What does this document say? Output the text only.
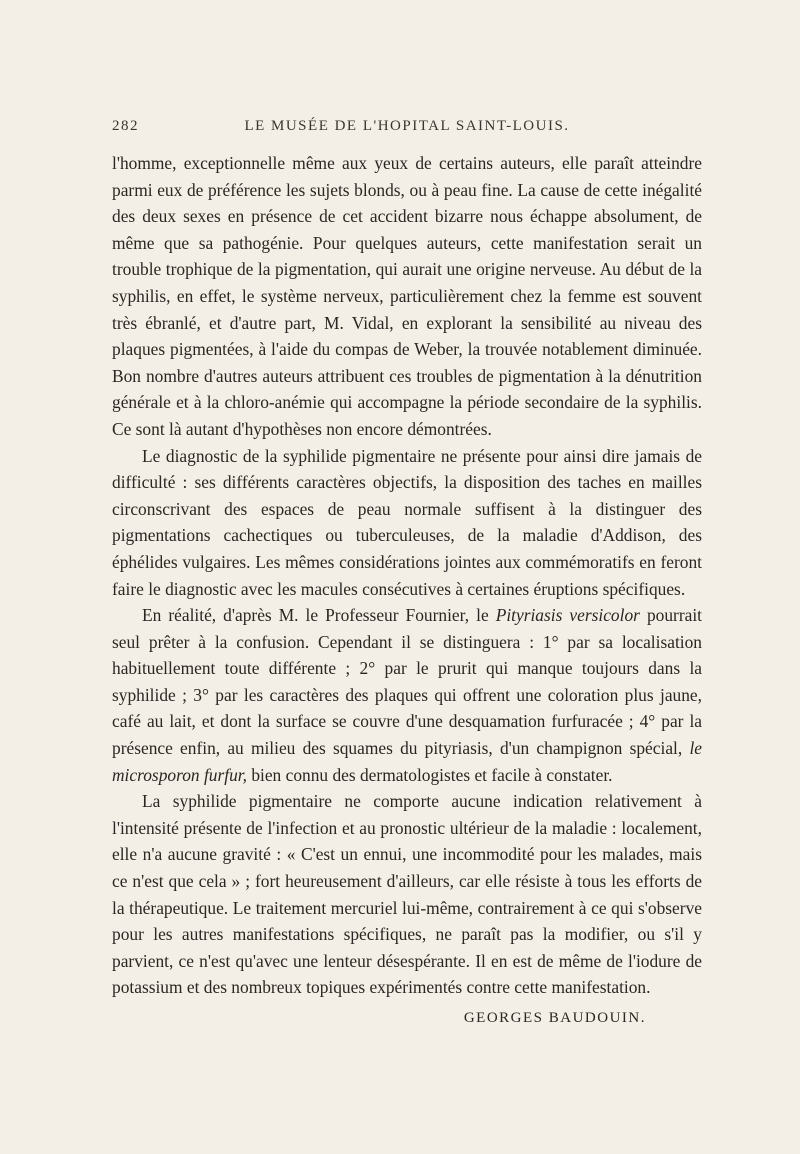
282	LE MUSÉE DE L'HOPITAL SAINT-LOUIS.

l'homme, exceptionnelle même aux yeux de certains auteurs, elle paraît atteindre parmi eux de préférence les sujets blonds, ou à peau fine. La cause de cette inégalité des deux sexes en présence de cet accident bizarre nous échappe absolument, de même que sa pathogénie. Pour quelques auteurs, cette manifestation serait un trouble trophique de la pigmentation, qui aurait une origine nerveuse. Au début de la syphilis, en effet, le système nerveux, particulièrement chez la femme est souvent très ébranlé, et d'autre part, M. Vidal, en explorant la sensibilité au niveau des plaques pigmentées, à l'aide du compas de Weber, la trouvée notablement diminuée. Bon nombre d'autres auteurs attribuent ces troubles de pigmentation à la dénutrition générale et à la chloro-anémie qui accompagne la période secondaire de la syphilis. Ce sont là autant d'hypothèses non encore démontrées.

Le diagnostic de la syphilide pigmentaire ne présente pour ainsi dire jamais de difficulté : ses différents caractères objectifs, la disposition des taches en mailles circonscrivant des espaces de peau normale suffisent à la distinguer des pigmentations cachectiques ou tuberculeuses, de la maladie d'Addison, des éphélides vulgaires. Les mêmes considérations jointes aux commémoratifs en feront faire le diagnostic avec les macules consécutives à certaines éruptions spécifiques.

En réalité, d'après M. le Professeur Fournier, le Pityriasis versicolor pourrait seul prêter à la confusion. Cependant il se distinguera : 1° par sa localisation habituellement toute différente ; 2° par le prurit qui manque toujours dans la syphilide ; 3° par les caractères des plaques qui offrent une coloration plus jaune, café au lait, et dont la surface se couvre d'une desquamation furfuracée ; 4° par la présence enfin, au milieu des squames du pityriasis, d'un champignon spécial, le microsporon furfur, bien connu des dermatologistes et facile à constater.

La syphilide pigmentaire ne comporte aucune indication relativement à l'intensité présente de l'infection et au pronostic ultérieur de la maladie : localement, elle n'a aucune gravité : « C'est un ennui, une incommodité pour les malades, mais ce n'est que cela » ; fort heureusement d'ailleurs, car elle résiste à tous les efforts de la thérapeutique. Le traitement mercuriel lui-même, contrairement à ce qui s'observe pour les autres manifestations spécifiques, ne paraît pas la modifier, ou s'il y parvient, ce n'est qu'avec une lenteur désespérante. Il en est de même de l'iodure de potassium et des nombreux topiques expérimentés contre cette manifestation.

GEORGES BAUDOUIN.
